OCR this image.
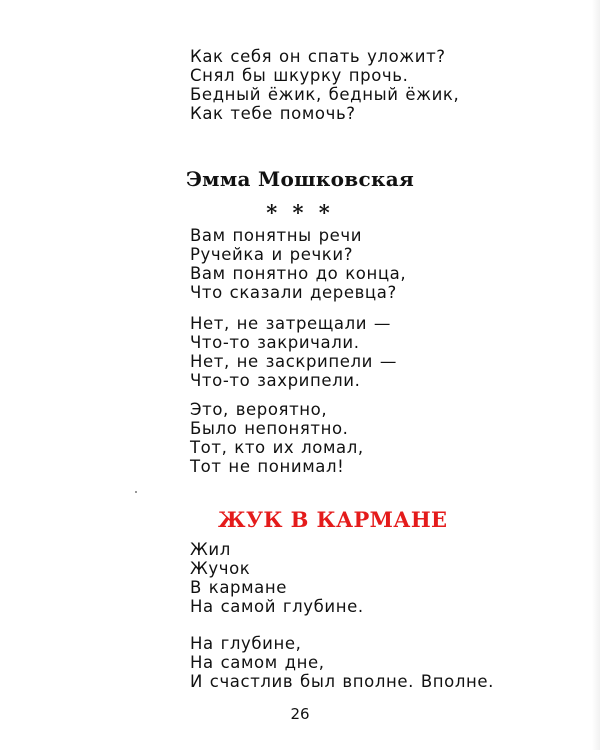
Как себя он спать уложит?
Снял бы шкурку прочь.
Бедный ёжик, бедный ёжик,
Как тебе помочь?
Эмма Мошковская
* * *
Вам понятны речи
Ручейка и речки?
Вам понятно до конца,
Что сказали деревца?
Нет, не затрещали —
Что-то закричали.
Нет, не заскрипели —
Что-то захрипели.
Это, вероятно,
Было непонятно.
Тот, кто их ломал,
Тот не понимал!
ЖУК В КАРМАНЕ
Жил
Жучок
В кармане
На самой глубине.
На глубине,
На самом дне,
И счастлив был вполне. Вполне.
26
